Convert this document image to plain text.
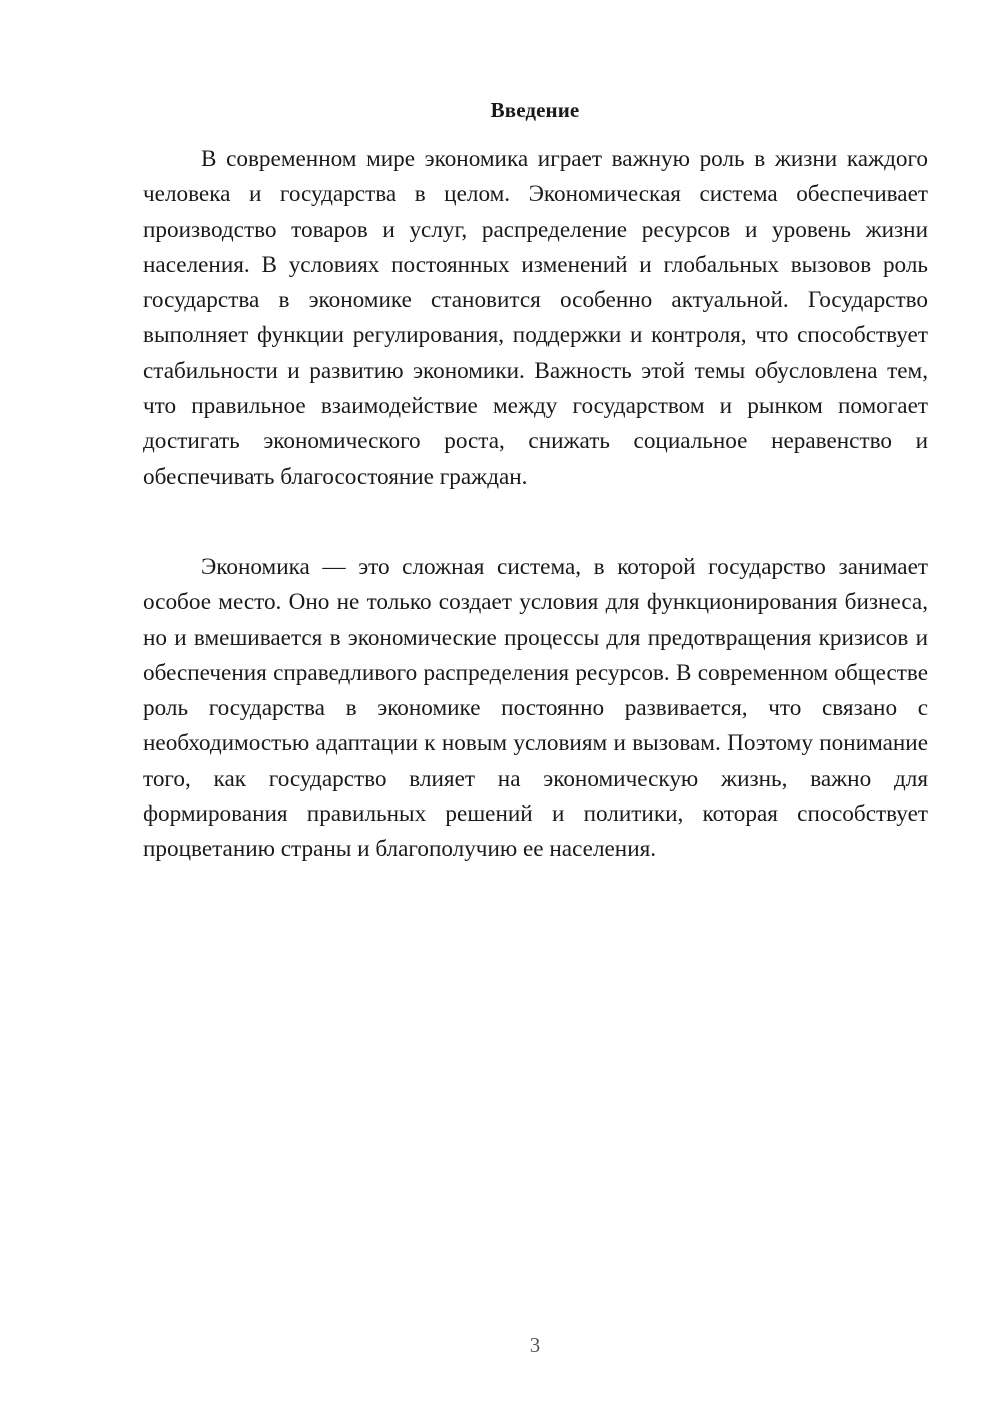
Введение

В современном мире экономика играет важную роль в жизни каждого человека и государства в целом. Экономическая система обеспечивает производство товаров и услуг, распределение ресурсов и уровень жизни населения. В условиях постоянных изменений и глобальных вызовов роль государства в экономике становится особенно актуальной. Государство выполняет функции регулирования, поддержки и контроля, что способствует стабильности и развитию экономики. Важность этой темы обусловлена тем, что правильное взаимодействие между государством и рынком помогает достигать экономического роста, снижать социальное неравенство и обеспечивать благосостояние граждан.

Экономика — это сложная система, в которой государство занимает особое место. Оно не только создает условия для функционирования бизнеса, но и вмешивается в экономические процессы для предотвращения кризисов и обеспечения справедливого распределения ресурсов. В современном обществе роль государства в экономике постоянно развивается, что связано с необходимостью адаптации к новым условиям и вызовам. Поэтому понимание того, как государство влияет на экономическую жизнь, важно для формирования правильных решений и политики, которая способствует процветанию страны и благополучию ее населения.

3
